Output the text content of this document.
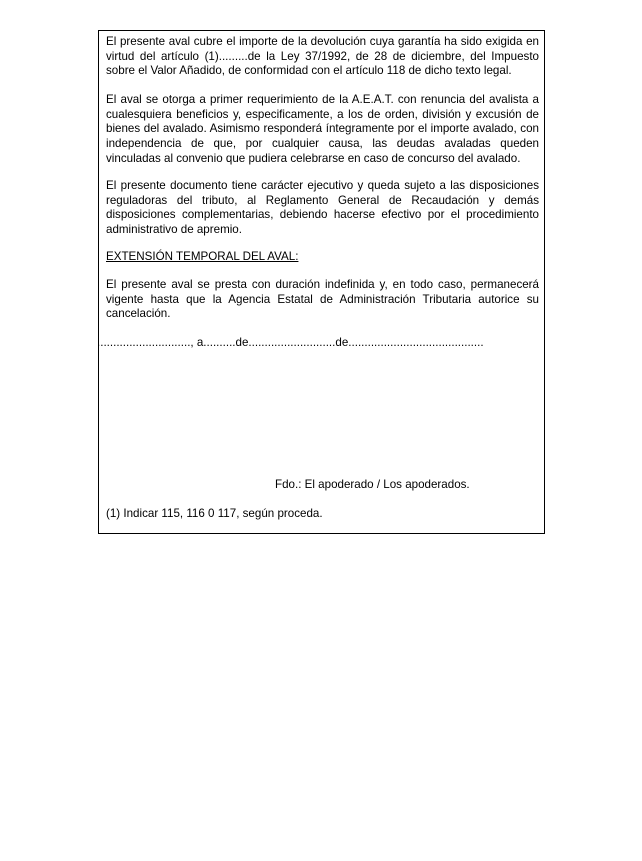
El presente aval cubre el importe de la devolución cuya garantía ha sido exigida en virtud del artículo (1).........de la Ley 37/1992, de 28 de diciembre, del Impuesto sobre el Valor Añadido, de conformidad con el artículo 118 de dicho texto legal.

El aval se otorga a primer requerimiento de la A.E.A.T. con renuncia del avalista a cualesquiera beneficios y, especificamente, a los de orden, división y excusión de bienes del avalado. Asimismo responderá íntegramente por el importe avalado, con independencia de que, por cualquier causa, las deudas avaladas queden vinculadas al convenio que pudiera celebrarse en caso de concurso del avalado.

El presente documento tiene carácter ejecutivo y queda sujeto a las disposiciones reguladoras del tributo, al Reglamento General de Recaudación y demás disposiciones complementarias, debiendo hacerse efectivo por el procedimiento administrativo de apremio.

EXTENSIÓN TEMPORAL DEL AVAL:

El presente aval se presta con duración indefinida y, en todo caso, permanecerá vigente hasta que la Agencia Estatal de Administración Tributaria autorice su cancelación.

............................., a..........de...........................de..........................................

Fdo.: El apoderado / Los apoderados.

(1) Indicar 115, 116 0 117, según proceda.
